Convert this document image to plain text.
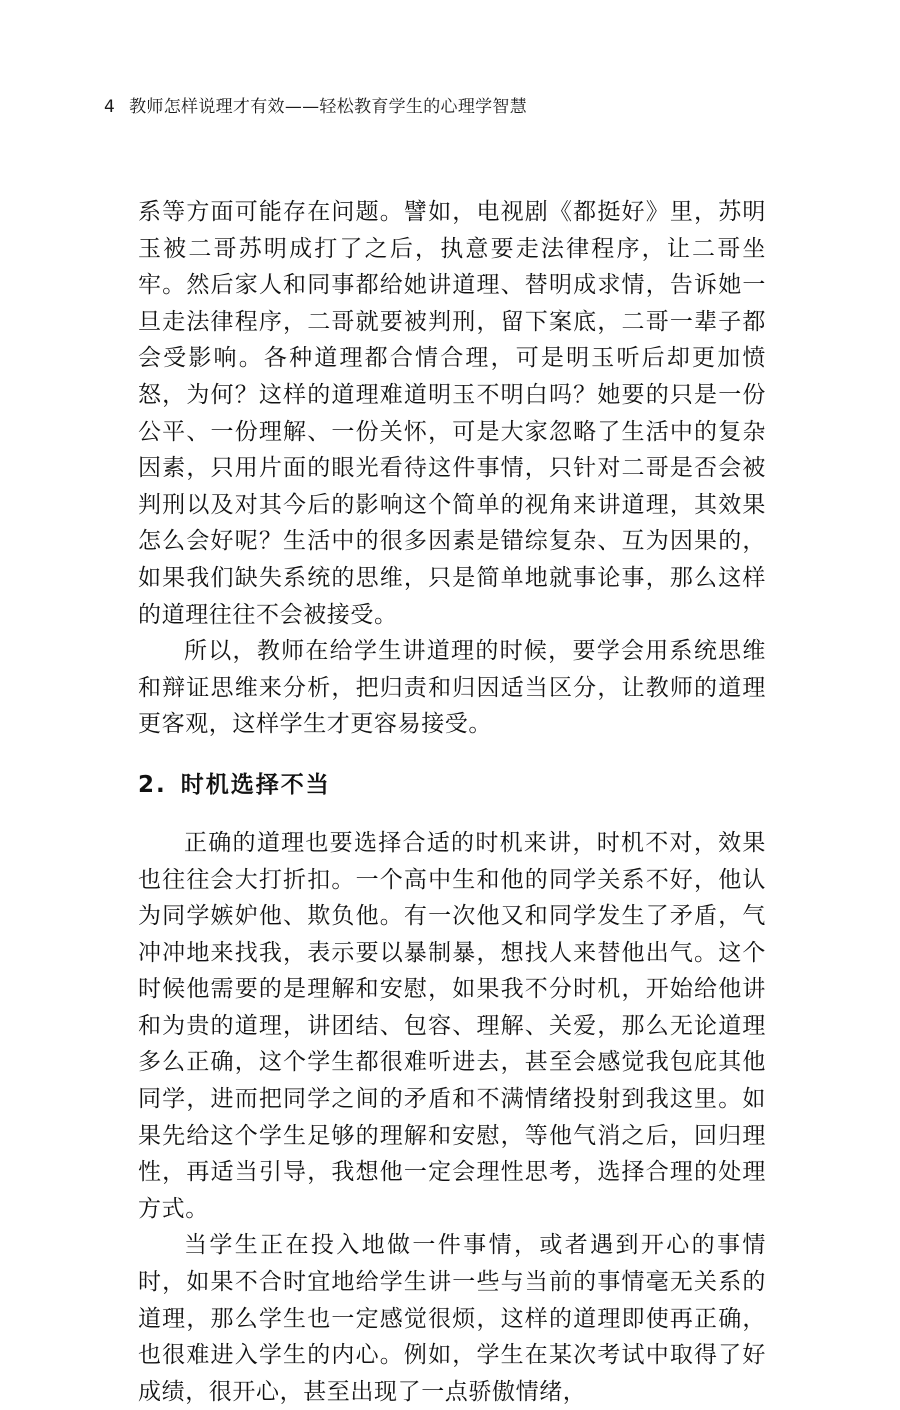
4 教师怎样说理才有效——轻松教育学生的心理学智慧

系等方面可能存在问题。譬如，电视剧《都挺好》里，苏明玉被二哥苏明成打了之后，执意要走法律程序，让二哥坐牢。然后家人和同事都给她讲道理、替明成求情，告诉她一旦走法律程序，二哥就要被判刑，留下案底，二哥一辈子都会受影响。各种道理都合情合理，可是明玉听后却更加愤怒，为何？这样的道理难道明玉不明白吗？她要的只是一份公平、一份理解、一份关怀，可是大家忽略了生活中的复杂因素，只用片面的眼光看待这件事情，只针对二哥是否会被判刑以及对其今后的影响这个简单的视角来讲道理，其效果怎么会好呢？生活中的很多因素是错综复杂、互为因果的，如果我们缺失系统的思维，只是简单地就事论事，那么这样的道理往往不会被接受。

所以，教师在给学生讲道理的时候，要学会用系统思维和辩证思维来分析，把归责和归因适当区分，让教师的道理更客观，这样学生才更容易接受。

2. 时机选择不当

正确的道理也要选择合适的时机来讲，时机不对，效果也往往会大打折扣。一个高中生和他的同学关系不好，他认为同学嫉妒他、欺负他。有一次他又和同学发生了矛盾，气冲冲地来找我，表示要以暴制暴，想找人来替他出气。这个时候他需要的是理解和安慰，如果我不分时机，开始给他讲和为贵的道理，讲团结、包容、理解、关爱，那么无论道理多么正确，这个学生都很难听进去，甚至会感觉我包庇其他同学，进而把同学之间的矛盾和不满情绪投射到我这里。如果先给这个学生足够的理解和安慰，等他气消之后，回归理性，再适当引导，我想他一定会理性思考，选择合理的处理方式。

当学生正在投入地做一件事情，或者遇到开心的事情时，如果不合时宜地给学生讲一些与当前的事情毫无关系的道理，那么学生也一定感觉很烦，这样的道理即使再正确，也很难进入学生的内心。例如，学生在某次考试中取得了好成绩，很开心，甚至出现了一点骄傲情绪，
